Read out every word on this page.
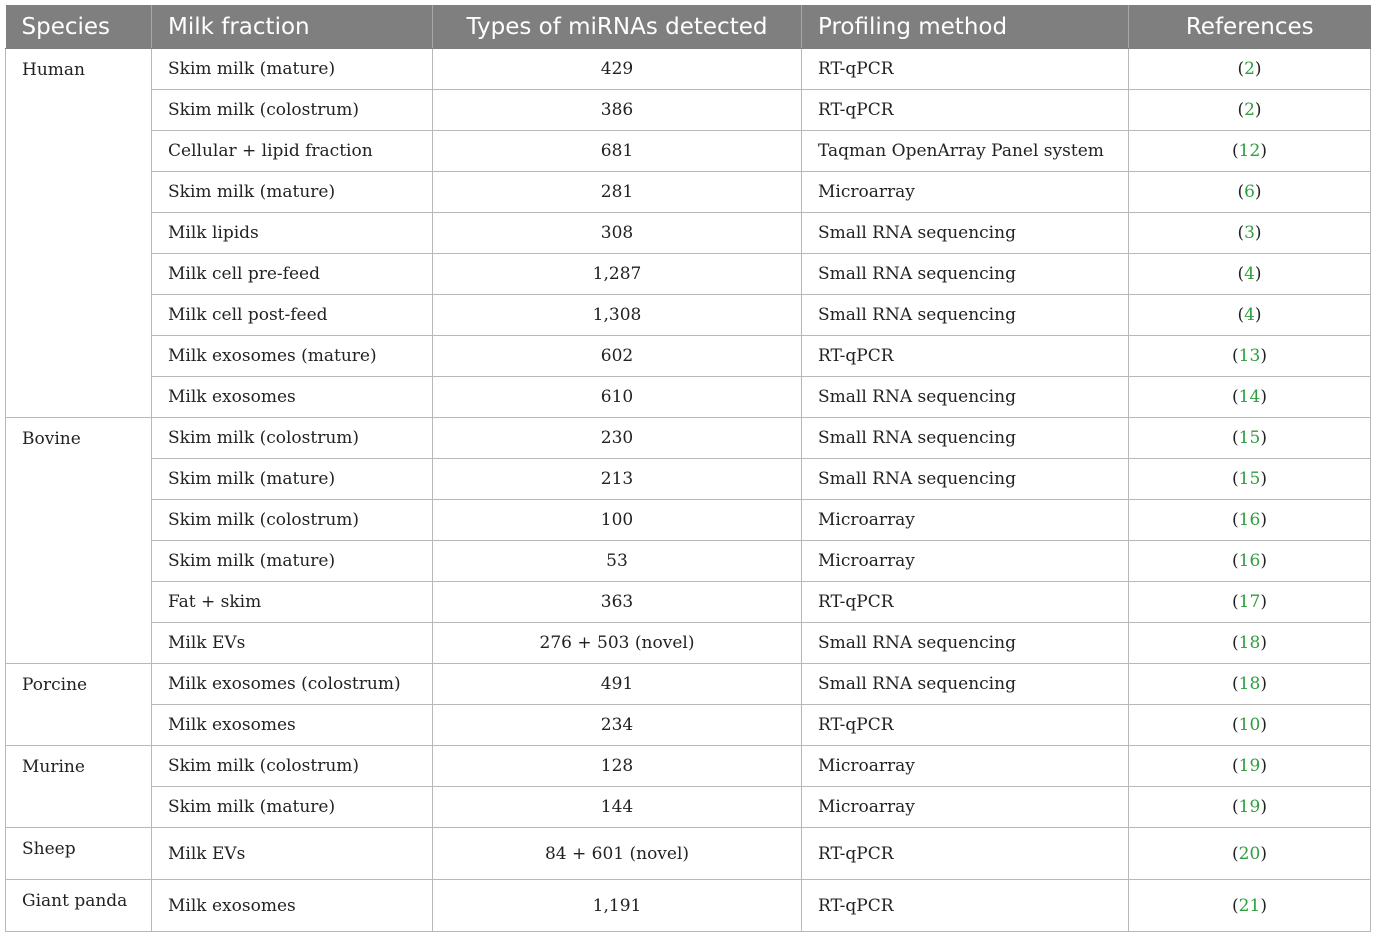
Species	Milk fraction	Types of miRNAs detected	Profiling method	References
Human	Skim milk (mature)	429	RT-qPCR	(2)
	Skim milk (colostrum)	386	RT-qPCR	(2)
	Cellular + lipid fraction	681	Taqman OpenArray Panel system	(12)
	Skim milk (mature)	281	Microarray	(6)
	Milk lipids	308	Small RNA sequencing	(3)
	Milk cell pre-feed	1,287	Small RNA sequencing	(4)
	Milk cell post-feed	1,308	Small RNA sequencing	(4)
	Milk exosomes (mature)	602	RT-qPCR	(13)
	Milk exosomes	610	Small RNA sequencing	(14)
Bovine	Skim milk (colostrum)	230	Small RNA sequencing	(15)
	Skim milk (mature)	213	Small RNA sequencing	(15)
	Skim milk (colostrum)	100	Microarray	(16)
	Skim milk (mature)	53	Microarray	(16)
	Fat + skim	363	RT-qPCR	(17)
	Milk EVs	276 + 503 (novel)	Small RNA sequencing	(18)
Porcine	Milk exosomes (colostrum)	491	Small RNA sequencing	(18)
	Milk exosomes	234	RT-qPCR	(10)
Murine	Skim milk (colostrum)	128	Microarray	(19)
	Skim milk (mature)	144	Microarray	(19)
Sheep	Milk EVs	84 + 601 (novel)	RT-qPCR	(20)
Giant panda	Milk exosomes	1,191	RT-qPCR	(21)
